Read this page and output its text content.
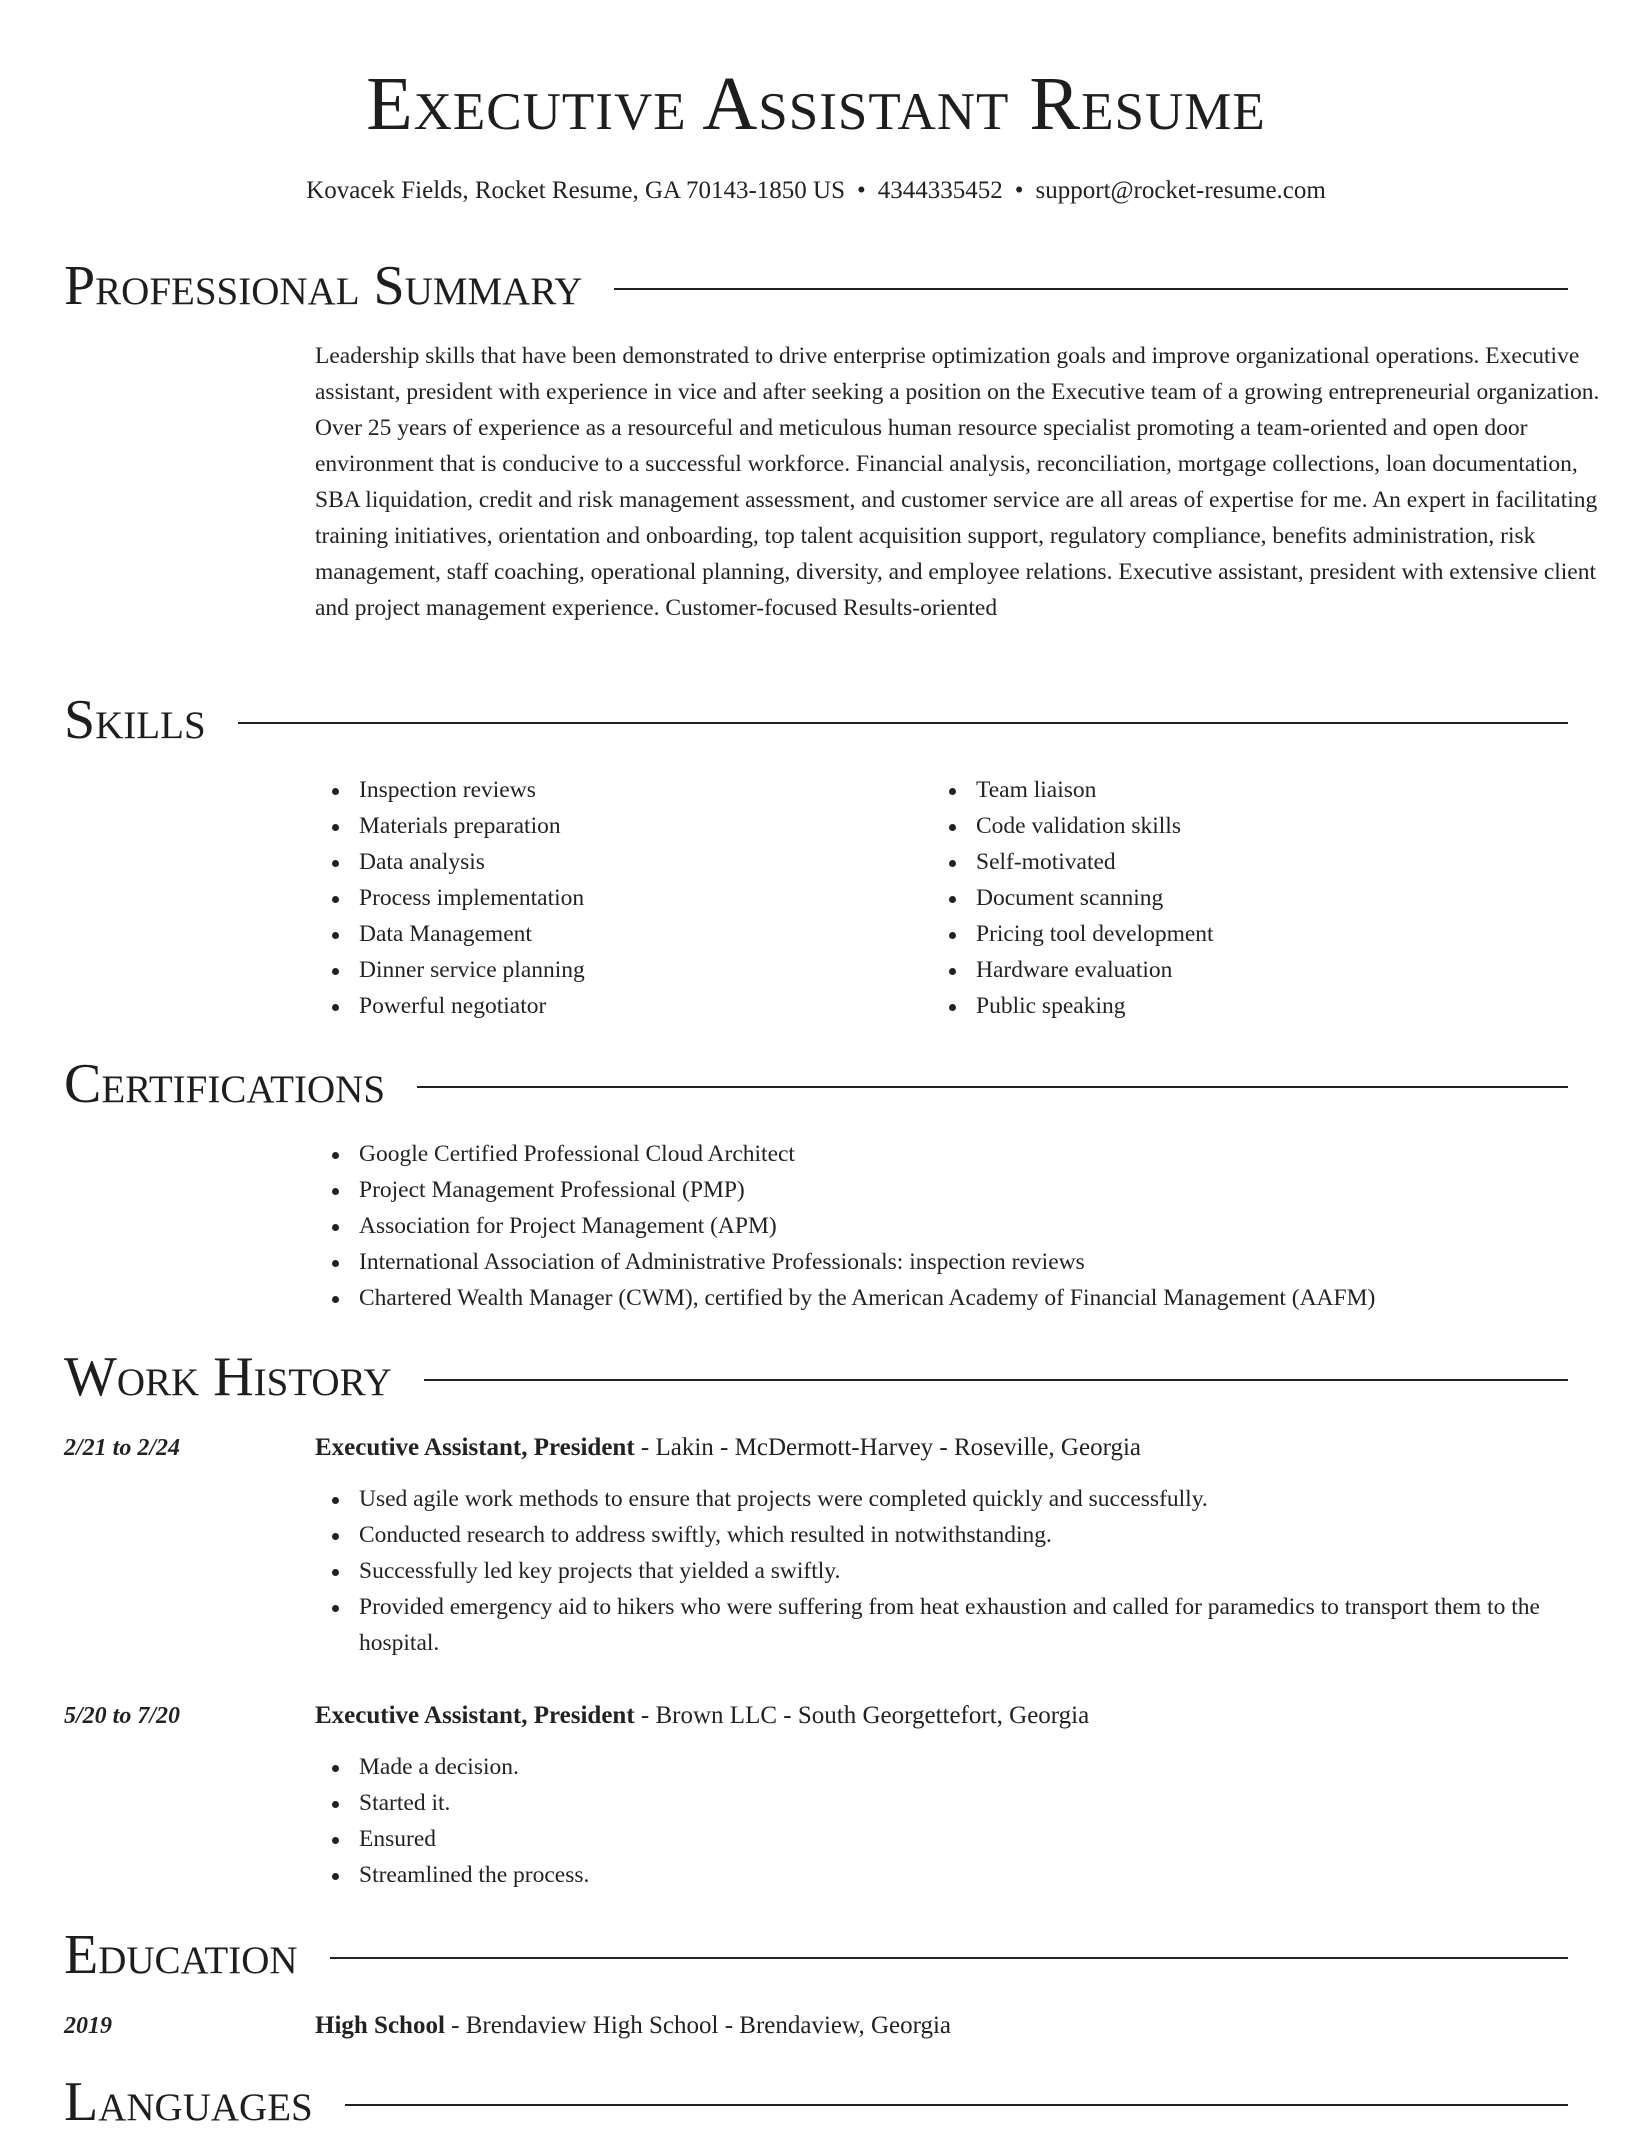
Executive Assistant Resume
Kovacek Fields, Rocket Resume, GA 70143-1850 US • 4344335452 • support@rocket-resume.com
Professional Summary

Leadership skills that have been demonstrated to drive enterprise optimization goals and improve organizational operations. Executive assistant, president with experience in vice and after seeking a position on the Executive team of a growing entrepreneurial organization. Over 25 years of experience as a resourceful and meticulous human resource specialist promoting a team-oriented and open door environment that is conducive to a successful workforce. Financial analysis, reconciliation, mortgage collections, loan documentation, SBA liquidation, credit and risk management assessment, and customer service are all areas of expertise for me. An expert in facilitating training initiatives, orientation and onboarding, top talent acquisition support, regulatory compliance, benefits administration, risk management, staff coaching, operational planning, diversity, and employee relations. Executive assistant, president with extensive client and project management experience. Customer-focused Results-oriented

Skills
Inspection reviews
Materials preparation
Data analysis
Process implementation
Data Management
Dinner service planning
Powerful negotiator
Team liaison
Code validation skills
Self-motivated
Document scanning
Pricing tool development
Hardware evaluation
Public speaking
Certifications
Google Certified Professional Cloud Architect
Project Management Professional (PMP)
Association for Project Management (APM)
International Association of Administrative Professionals: inspection reviews
Chartered Wealth Manager (CWM), certified by the American Academy of Financial Management (AAFM)
Work History
2/21 to 2/24	Executive Assistant, President - Lakin - McDermott-Harvey - Roseville, Georgia
Used agile work methods to ensure that projects were completed quickly and successfully.
Conducted research to address swiftly, which resulted in notwithstanding.
Successfully led key projects that yielded a swiftly.
Provided emergency aid to hikers who were suffering from heat exhaustion and called for paramedics to transport them to the hospital.
5/20 to 7/20	Executive Assistant, President - Brown LLC - South Georgettefort, Georgia
Made a decision.
Started it.
Ensured
Streamlined the process.
Education
2019	High School - Brendaview High School - Brendaview, Georgia
Languages
